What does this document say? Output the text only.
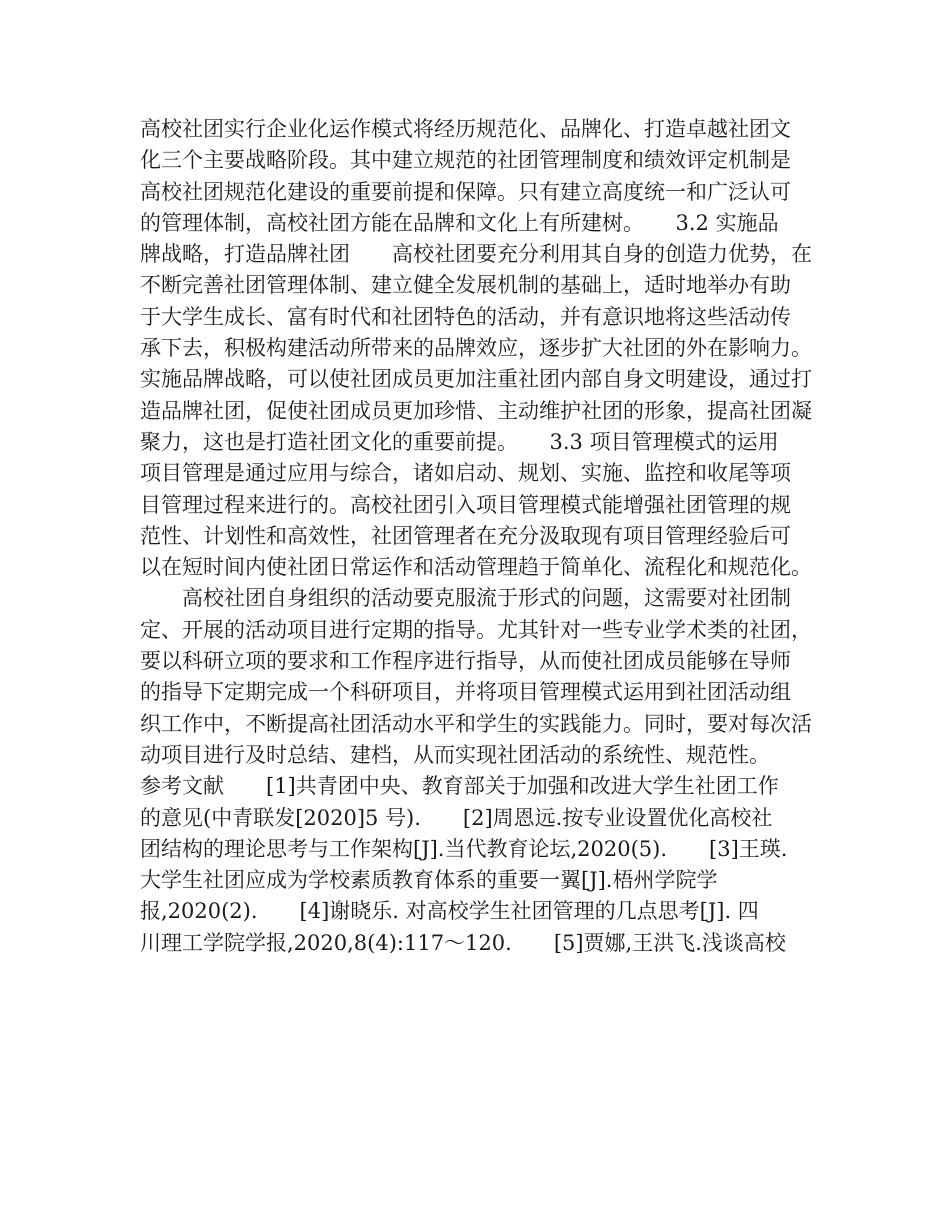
高校社团实行企业化运作模式将经历规范化、品牌化、打造卓越社团文
化三个主要战略阶段。其中建立规范的社团管理制度和绩效评定机制是
高校社团规范化建设的重要前提和保障。只有建立高度统一和广泛认可
的管理体制，高校社团方能在品牌和文化上有所建树。　　3.2 实施品
牌战略，打造品牌社团　　高校社团要充分利用其自身的创造力优势，在
不断完善社团管理体制、建立健全发展机制的基础上，适时地举办有助
于大学生成长、富有时代和社团特色的活动，并有意识地将这些活动传
承下去，积极构建活动所带来的品牌效应，逐步扩大社团的外在影响力。
实施品牌战略，可以使社团成员更加注重社团内部自身文明建设，通过打
造品牌社团，促使社团成员更加珍惜、主动维护社团的形象，提高社团凝
聚力，这也是打造社团文化的重要前提。　　3.3 项目管理模式的运用
项目管理是通过应用与综合，诸如启动、规划、实施、监控和收尾等项
目管理过程来进行的。高校社团引入项目管理模式能增强社团管理的规
范性、计划性和高效性，社团管理者在充分汲取现有项目管理经验后可
以在短时间内使社团日常运作和活动管理趋于简单化、流程化和规范化。
　　高校社团自身组织的活动要克服流于形式的问题，这需要对社团制
定、开展的活动项目进行定期的指导。尤其针对一些专业学术类的社团，
要以科研立项的要求和工作程序进行指导，从而使社团成员能够在导师
的指导下定期完成一个科研项目，并将项目管理模式运用到社团活动组
织工作中，不断提高社团活动水平和学生的实践能力。同时，要对每次活
动项目进行及时总结、建档，从而实现社团活动的系统性、规范性。
参考文献　　[1]共青团中央、教育部关于加强和改进大学生社团工作
的意见(中青联发[2020]5 号).　　[2]周恩远.按专业设置优化高校社
团结构的理论思考与工作架构[J].当代教育论坛,2020(5).　　[3]王瑛.
大学生社团应成为学校素质教育体系的重要一翼[J].梧州学院学
报,2020(2).　　[4]谢晓乐. 对高校学生社团管理的几点思考[J]. 四
川理工学院学报,2020,8(4):117～120.　　[5]贾娜,王洪飞.浅谈高校
